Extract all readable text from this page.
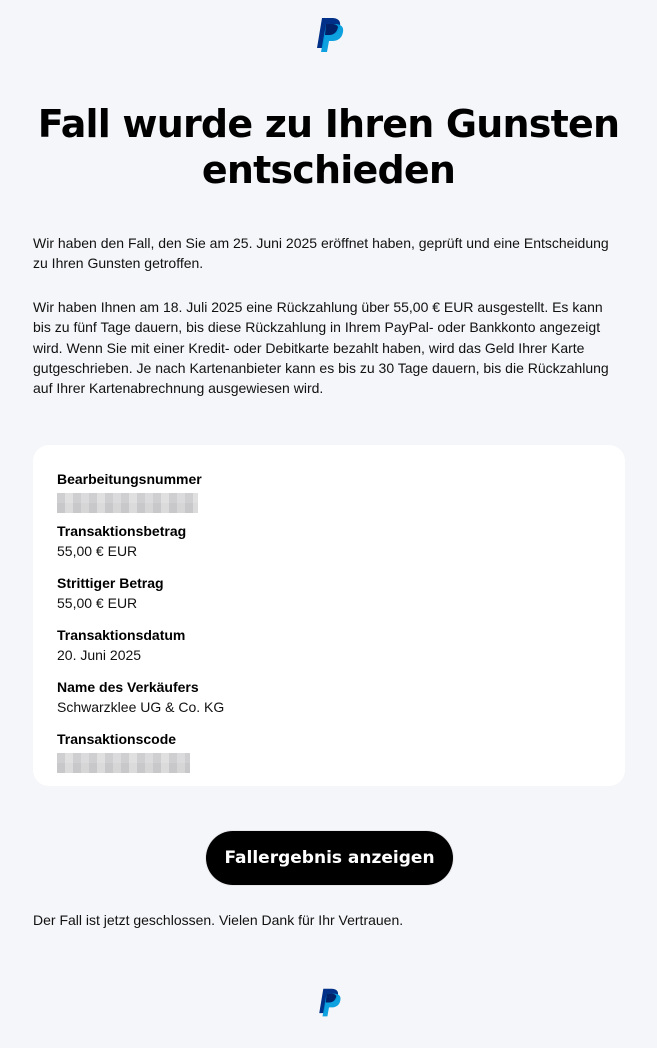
Fall wurde zu Ihren Gunsten entschieden

Wir haben den Fall, den Sie am 25. Juni 2025 eröffnet haben, geprüft und eine Entscheidung zu Ihren Gunsten getroffen.

Wir haben Ihnen am 18. Juli 2025 eine Rückzahlung über 55,00 € EUR ausgestellt. Es kann bis zu fünf Tage dauern, bis diese Rückzahlung in Ihrem PayPal- oder Bankkonto angezeigt wird. Wenn Sie mit einer Kredit- oder Debitkarte bezahlt haben, wird das Geld Ihrer Karte gutgeschrieben. Je nach Kartenanbieter kann es bis zu 30 Tage dauern, bis die Rückzahlung auf Ihrer Kartenabrechnung ausgewiesen wird.

Bearbeitungsnummer
Transaktionsbetrag
55,00 € EUR
Strittiger Betrag
55,00 € EUR
Transaktionsdatum
20. Juni 2025
Name des Verkäufers
Schwarzklee UG & Co. KG
Transaktionscode
Fallergebnis anzeigen

Der Fall ist jetzt geschlossen. Vielen Dank für Ihr Vertrauen.
